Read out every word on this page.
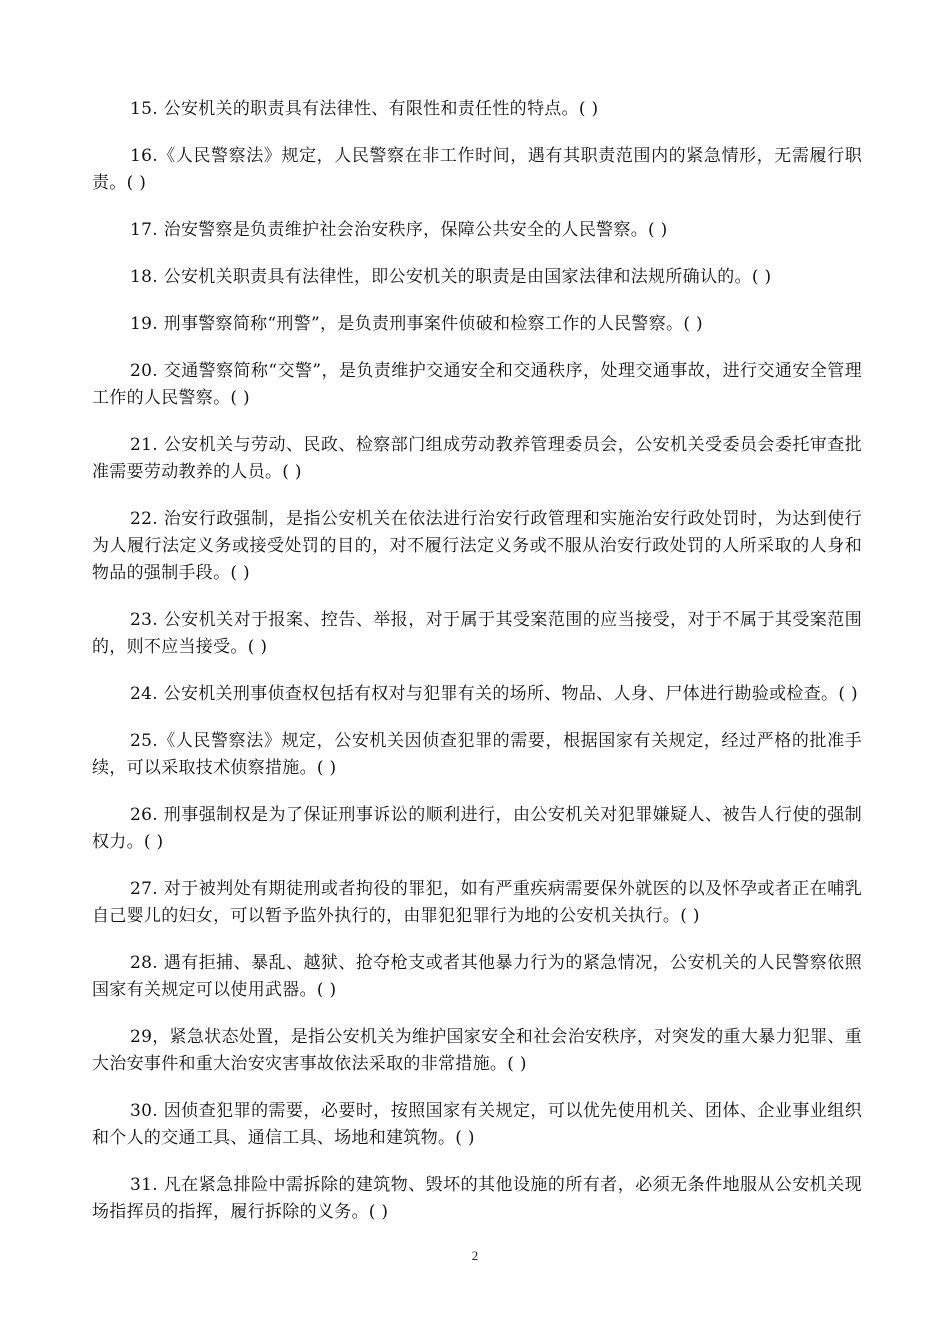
15. 公安机关的职责具有法律性、有限性和责任性的特点。( )

16.《人民警察法》规定，人民警察在非工作时间，遇有其职责范围内的紧急情形，无需履行职责。( )

17. 治安警察是负责维护社会治安秩序，保障公共安全的人民警察。( )

18. 公安机关职责具有法律性，即公安机关的职责是由国家法律和法规所确认的。( )

19. 刑事警察简称“刑警”，是负责刑事案件侦破和检察工作的人民警察。( )

20. 交通警察简称“交警”，是负责维护交通安全和交通秩序，处理交通事故，进行交通安全管理工作的人民警察。( )

21. 公安机关与劳动、民政、检察部门组成劳动教养管理委员会，公安机关受委员会委托审查批准需要劳动教养的人员。( )

22. 治安行政强制，是指公安机关在依法进行治安行政管理和实施治安行政处罚时，为达到使行为人履行法定义务或接受处罚的目的，对不履行法定义务或不服从治安行政处罚的人所采取的人身和物品的强制手段。( )

23. 公安机关对于报案、控告、举报，对于属于其受案范围的应当接受，对于不属于其受案范围的，则不应当接受。( )

24. 公安机关刑事侦查权包括有权对与犯罪有关的场所、物品、人身、尸体进行勘验或检查。( )

25.《人民警察法》规定，公安机关因侦查犯罪的需要，根据国家有关规定，经过严格的批准手续，可以采取技术侦察措施。( )

26. 刑事强制权是为了保证刑事诉讼的顺利进行，由公安机关对犯罪嫌疑人、被告人行使的强制权力。( )

27. 对于被判处有期徒刑或者拘役的罪犯，如有严重疾病需要保外就医的以及怀孕或者正在哺乳自己婴儿的妇女，可以暂予监外执行的，由罪犯犯罪行为地的公安机关执行。( )

28. 遇有拒捕、暴乱、越狱、抢夺枪支或者其他暴力行为的紧急情况，公安机关的人民警察依照国家有关规定可以使用武器。( )

29，紧急状态处置，是指公安机关为维护国家安全和社会治安秩序，对突发的重大暴力犯罪、重大治安事件和重大治安灾害事故依法采取的非常措施。( )

30. 因侦查犯罪的需要，必要时，按照国家有关规定，可以优先使用机关、团体、企业事业组织和个人的交通工具、通信工具、场地和建筑物。( )

31. 凡在紧急排险中需拆除的建筑物、毁坏的其他设施的所有者，必须无条件地服从公安机关现场指挥员的指挥，履行拆除的义务。( )

2
